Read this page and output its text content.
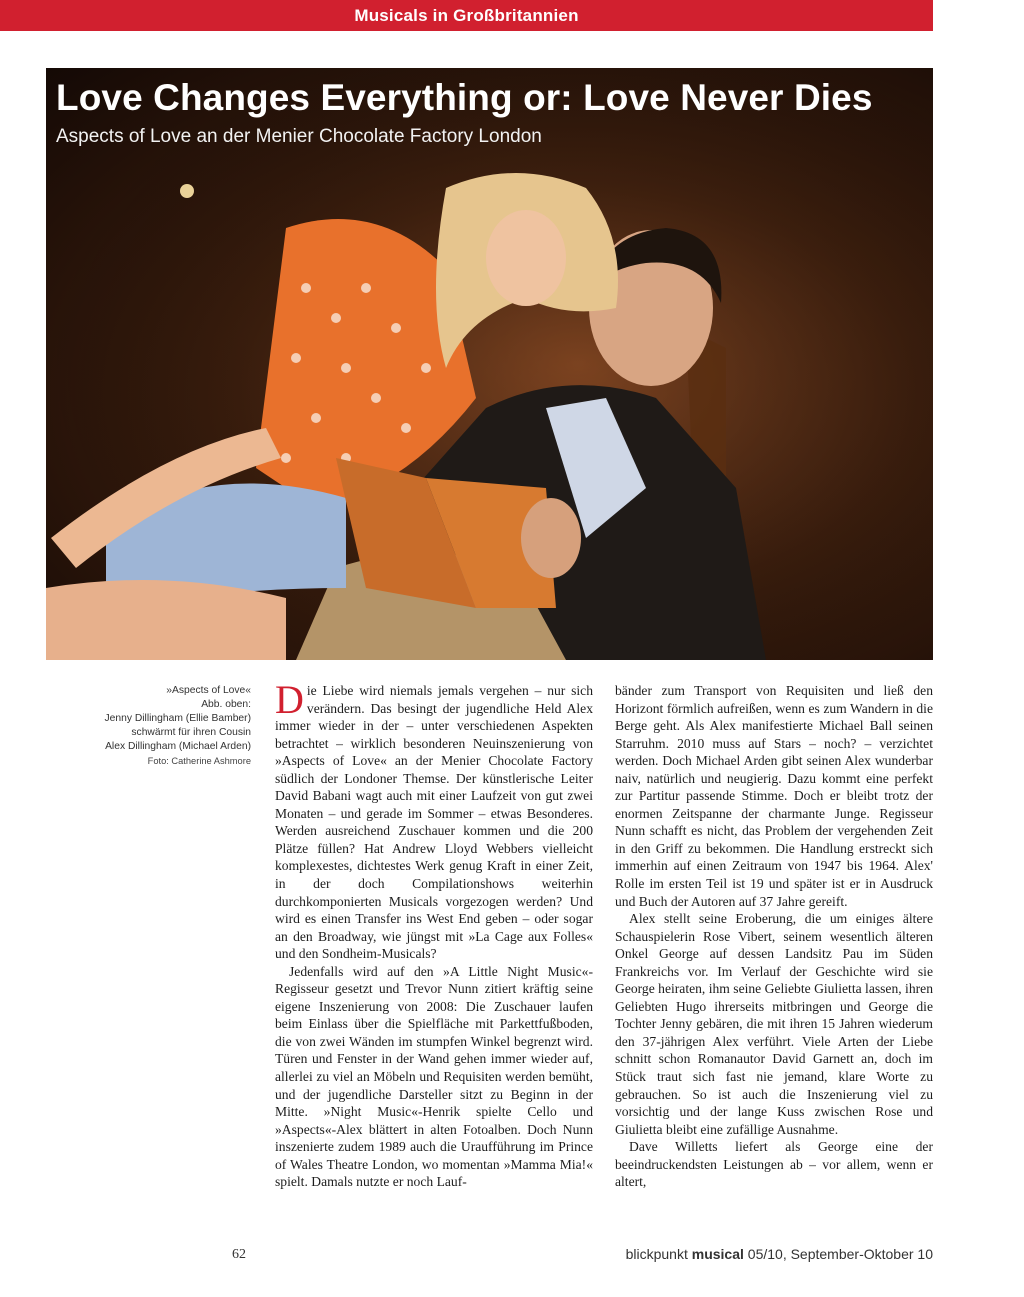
Musicals in Großbritannien
Love Changes Everything or: Love Never Dies
Aspects of Love an der Menier Chocolate Factory London
»Aspects of Love«
Abb. oben:
Jenny Dillingham (Ellie Bamber)
schwärmt für ihren Cousin
Alex Dillingham (Michael Arden)
Foto: Catherine Ashmore

Die Liebe wird niemals jemals vergehen – nur sich verändern. Das besingt der jugendliche Held Alex immer wieder in der – unter verschiedenen Aspekten betrachtet – wirklich besonderen Neuinszenierung von »Aspects of Love« an der Menier Chocolate Factory südlich der Londoner Themse. Der künstlerische Leiter David Babani wagt auch mit einer Laufzeit von gut zwei Monaten – und gerade im Sommer – etwas Besonderes. Werden ausreichend Zuschauer kommen und die 200 Plätze füllen? Hat Andrew Lloyd Webbers vielleicht komplexestes, dichtestes Werk genug Kraft in einer Zeit, in der doch Compilationshows weiterhin durchkomponierten Musicals vorgezogen werden? Und wird es einen Transfer ins West End geben – oder sogar an den Broadway, wie jüngst mit »La Cage aux Folles« und den Sondheim-Musicals?

Jedenfalls wird auf den »A Little Night Music«-Regisseur gesetzt und Trevor Nunn zitiert kräftig seine eigene Inszenierung von 2008: Die Zuschauer laufen beim Einlass über die Spielfläche mit Parkettfußboden, die von zwei Wänden im stumpfen Winkel begrenzt wird. Türen und Fenster in der Wand gehen immer wieder auf, allerlei zu viel an Möbeln und Requisiten werden bemüht, und der jugendliche Darsteller sitzt zu Beginn in der Mitte. »Night Music«-Henrik spielte Cello und »Aspects«-Alex blättert in alten Fotoalben. Doch Nunn inszenierte zudem 1989 auch die Uraufführung im Prince of Wales Theatre London, wo momentan »Mamma Mia!« spielt. Damals nutzte er noch Lauf-

bänder zum Transport von Requisiten und ließ den Horizont förmlich aufreißen, wenn es zum Wandern in die Berge geht. Als Alex manifestierte Michael Ball seinen Starruhm. 2010 muss auf Stars – noch? – verzichtet werden. Doch Michael Arden gibt seinen Alex wunderbar naiv, natürlich und neugierig. Dazu kommt eine perfekt zur Partitur passende Stimme. Doch er bleibt trotz der enormen Zeitspanne der charmante Junge. Regisseur Nunn schafft es nicht, das Problem der vergehenden Zeit in den Griff zu bekommen. Die Handlung erstreckt sich immerhin auf einen Zeitraum von 1947 bis 1964. Alex' Rolle im ersten Teil ist 19 und später ist er in Ausdruck und Buch der Autoren auf 37 Jahre gereift.

Alex stellt seine Eroberung, die um einiges ältere Schauspielerin Rose Vibert, seinem wesentlich älteren Onkel George auf dessen Landsitz Pau im Süden Frankreichs vor. Im Verlauf der Geschichte wird sie George heiraten, ihm seine Geliebte Giulietta lassen, ihren Geliebten Hugo ihrerseits mitbringen und George die Tochter Jenny gebären, die mit ihren 15 Jahren wiederum den 37-jährigen Alex verführt. Viele Arten der Liebe schnitt schon Romanautor David Garnett an, doch im Stück traut sich fast nie jemand, klare Worte zu gebrauchen. So ist auch die Inszenierung viel zu vorsichtig und der lange Kuss zwischen Rose und Giulietta bleibt eine zufällige Ausnahme.

Dave Willetts liefert als George eine der beeindruckendsten Leistungen ab – vor allem, wenn er altert,

62	blickpunkt musical 05/10, September-Oktober 10
